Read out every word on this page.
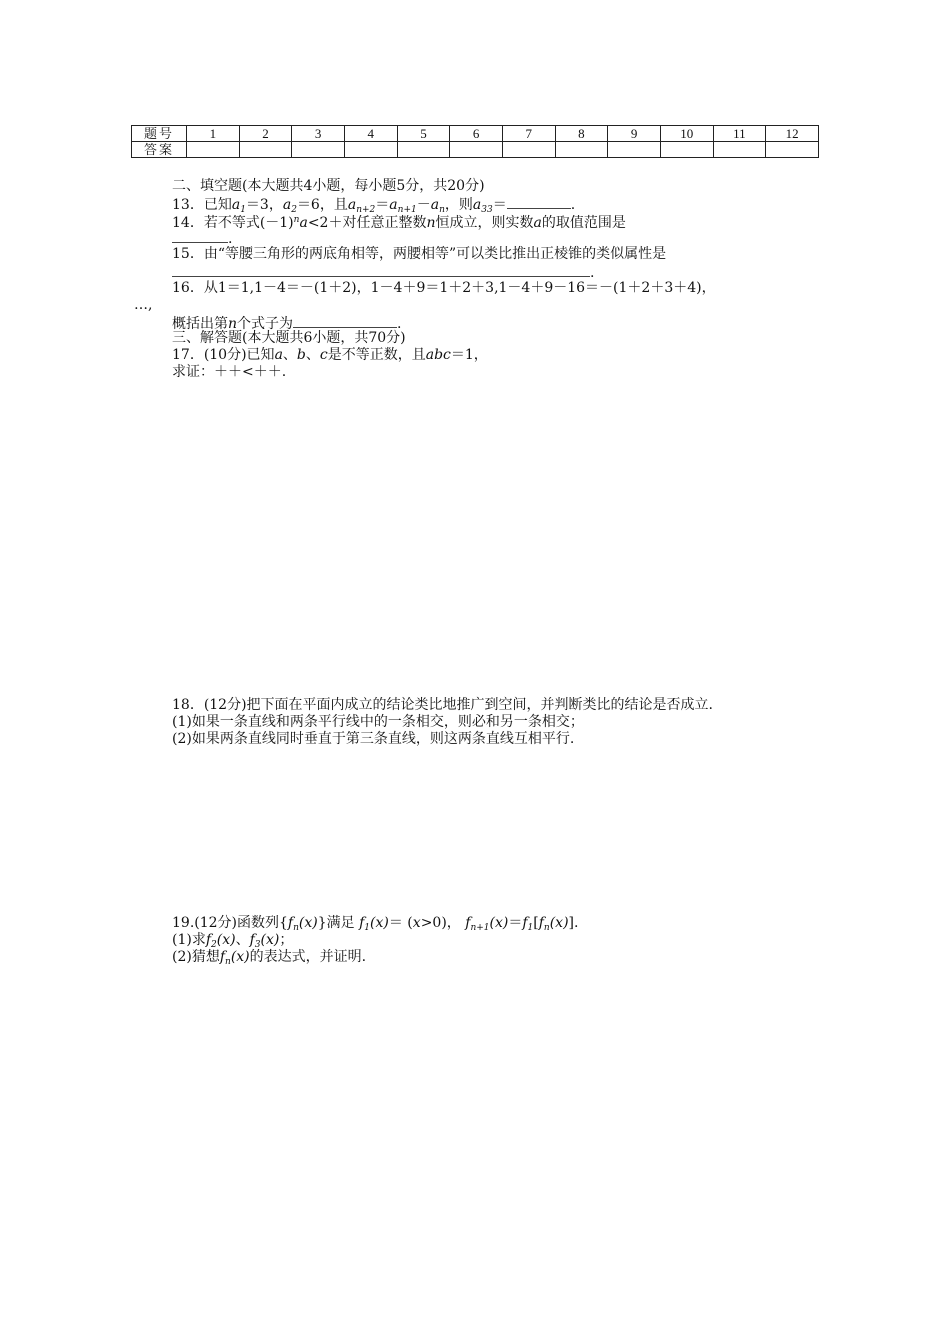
题号	1	2	3	4	5	6	7	8	9	10	11	12
答案												
二、填空题(本大题共4小题，每小题5分，共20分)
13．已知$a_1=3$，$a_2=6$，且$a_{n+2}=a_{n+1}-a_n$，则$a_{33}=$	.
14．若不等式$(-1)^na<2+$对任意正整数n恒成立，则实数a的取值范围是
.
15．由“等腰三角形的两底角相等，两腰相等”可以类比推出正棱锥的类似属性是
.
16．从1＝1,1－4＝－(1＋2)，1－4＋9＝1＋2＋3,1－4＋9－16＝－(1＋2＋3＋4)，
…,
概括出第n个式子为	.
三、解答题(本大题共6小题，共70分)
17．(10分)已知a、b、c是不等正数，且abc＝1，
求证：＋＋<＋＋.
18．(12分)把下面在平面内成立的结论类比地推广到空间，并判断类比的结论是否成立.
(1)如果一条直线和两条平行线中的一条相交，则必和另一条相交；
(2)如果两条直线同时垂直于第三条直线，则这两条直线互相平行.
19.(12分)函数列$\{f_n(x)\}$满足 $f_1(x)= (x>0)$， $f_{n+1}(x)=f_1[f_n(x)]$.
(1)求$f_2(x)$、$f_3(x)$；
(2)猜想$f_n(x)$的表达式，并证明.
